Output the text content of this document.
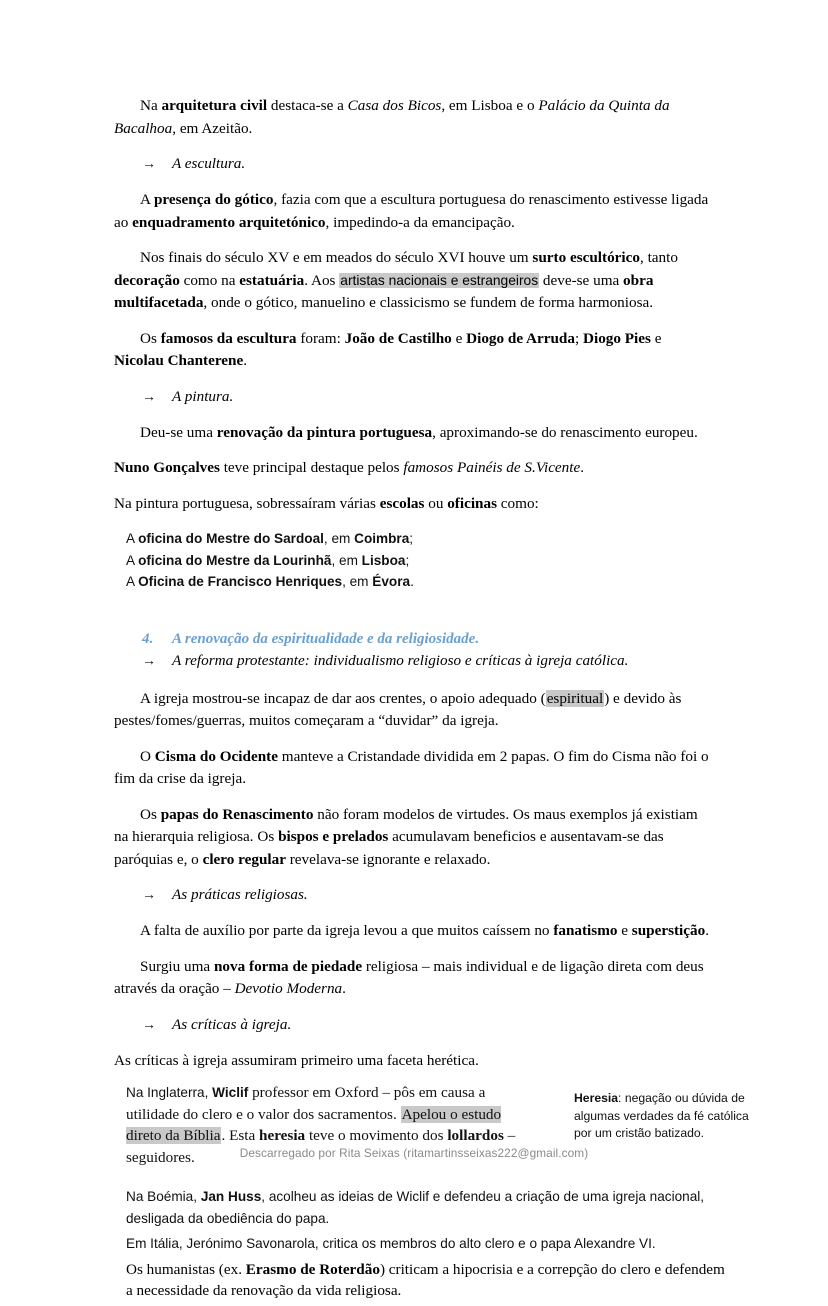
Na arquitetura civil destaca-se a Casa dos Bicos, em Lisboa e o Palácio da Quinta da Bacalhoa, em Azeitão.

→	A escultura.

A presença do gótico, fazia com que a escultura portuguesa do renascimento estivesse ligada ao enquadramento arquitetónico, impedindo-a da emancipação.

Nos finais do século XV e em meados do século XVI houve um surto escultórico, tanto decoração como na estatuária. Aos artistas nacionais e estrangeiros deve-se uma obra multifacetada, onde o gótico, manuelino e classicismo se fundem de forma harmoniosa.

Os famosos da escultura foram: João de Castilho e Diogo de Arruda; Diogo Pies e Nicolau Chanterene.

→	A pintura.

Deu-se uma renovação da pintura portuguesa, aproximando-se do renascimento europeu.

Nuno Gonçalves teve principal destaque pelos famosos Painéis de S.Vicente.

Na pintura portuguesa, sobressaíram várias escolas ou oficinas como:

A oficina do Mestre do Sardoal, em Coimbra;
A oficina do Mestre da Lourinhã, em Lisboa;
A Oficina de Francisco Henriques, em Évora.
4.	A renovação da espiritualidade e da religiosidade.
→	A reforma protestante: individualismo religioso e críticas à igreja católica.

A igreja mostrou-se incapaz de dar aos crentes, o apoio adequado (espiritual) e devido às pestes/fomes/guerras, muitos começaram a “duvidar” da igreja.

O Cisma do Ocidente manteve a Cristandade dividida em 2 papas. O fim do Cisma não foi o fim da crise da igreja.

Os papas do Renascimento não foram modelos de virtudes. Os maus exemplos já existiam na hierarquia religiosa. Os bispos e prelados acumulavam beneficios e ausentavam-se das paróquias e, o clero regular revelava-se ignorante e relaxado.

→	As práticas religiosas.

A falta de auxílio por parte da igreja levou a que muitos caíssem no fanatismo e superstição.

Surgiu uma nova forma de piedade religiosa – mais individual e de ligação direta com deus através da oração – Devotio Moderna.

→	As críticas à igreja.

As críticas à igreja assumiram primeiro uma faceta herética.

Na Inglaterra, Wiclif professor em Oxford – pôs em causa a utilidade do clero e o valor dos sacramentos. Apelou o estudo direto da Bíblia. Esta heresia teve o movimento dos lollardos – seguidores.

Heresia: negação ou dúvida de algumas verdades da fé católica por um cristão batizado.

Na Boémia, Jan Huss, acolheu as ideias de Wiclif e defendeu a criação de uma igreja nacional, desligada da obediência do papa.

Em Itália, Jerónimo Savonarola, critica os membros do alto clero e o papa Alexandre VI.

Os humanistas (ex. Erasmo de Roterdão) criticam a hipocrisia e a correpção do clero e defendem a necessidade da renovação da vida religiosa.

Descarregado por Rita Seixas (ritamartinsseixas222@gmail.com)
